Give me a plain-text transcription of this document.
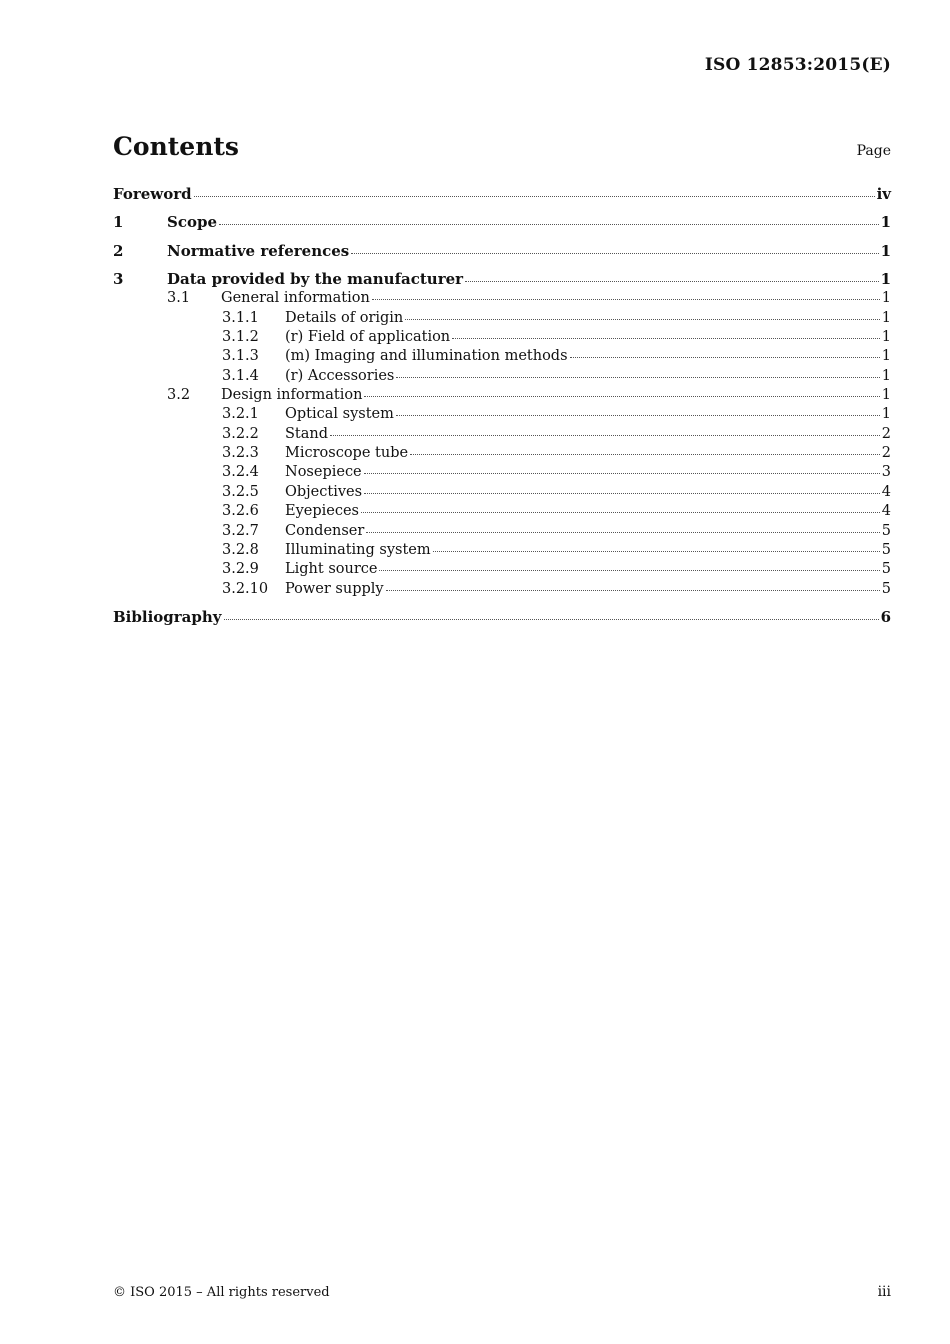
ISO 12853:2015(E)
Contents	Page
Foreword	iv
1	Scope	1
2	Normative references	1
3	Data provided by the manufacturer	1
3.1	General information	1
3.1.1	Details of origin	1
3.1.2	(r) Field of application	1
3.1.3	(m) Imaging and illumination methods	1
3.1.4	(r) Accessories	1
3.2	Design information	1
3.2.1	Optical system	1
3.2.2	Stand	2
3.2.3	Microscope tube	2
3.2.4	Nosepiece	3
3.2.5	Objectives	4
3.2.6	Eyepieces	4
3.2.7	Condenser	5
3.2.8	Illuminating system	5
3.2.9	Light source	5
3.2.10	Power supply	5
Bibliography	6
© ISO 2015 – All rights reserved	iii
